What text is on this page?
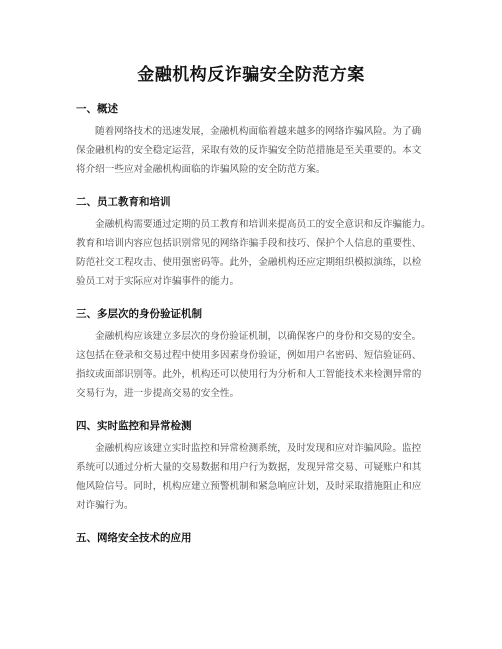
金融机构反诈骗安全防范方案
一、概述
随着网络技术的迅速发展，金融机构面临着越来越多的网络诈骗风险。为了确
保金融机构的安全稳定运营，采取有效的反诈骗安全防范措施是至关重要的。本文
将介绍一些应对金融机构面临的诈骗风险的安全防范方案。
二、员工教育和培训
金融机构需要通过定期的员工教育和培训来提高员工的安全意识和反诈骗能力。
教育和培训内容应包括识别常见的网络诈骗手段和技巧、保护个人信息的重要性、
防范社交工程攻击、使用强密码等。此外，金融机构还应定期组织模拟演练，以检
验员工对于实际应对诈骗事件的能力。
三、多层次的身份验证机制
金融机构应该建立多层次的身份验证机制，以确保客户的身份和交易的安全。
这包括在登录和交易过程中使用多因素身份验证，例如用户名密码、短信验证码、
指纹或面部识别等。此外，机构还可以使用行为分析和人工智能技术来检测异常的
交易行为，进一步提高交易的安全性。
四、实时监控和异常检测
金融机构应该建立实时监控和异常检测系统，及时发现和应对诈骗风险。监控
系统可以通过分析大量的交易数据和用户行为数据，发现异常交易、可疑账户和其
他风险信号。同时，机构应建立预警机制和紧急响应计划，及时采取措施阻止和应
对诈骗行为。
五、网络安全技术的应用
